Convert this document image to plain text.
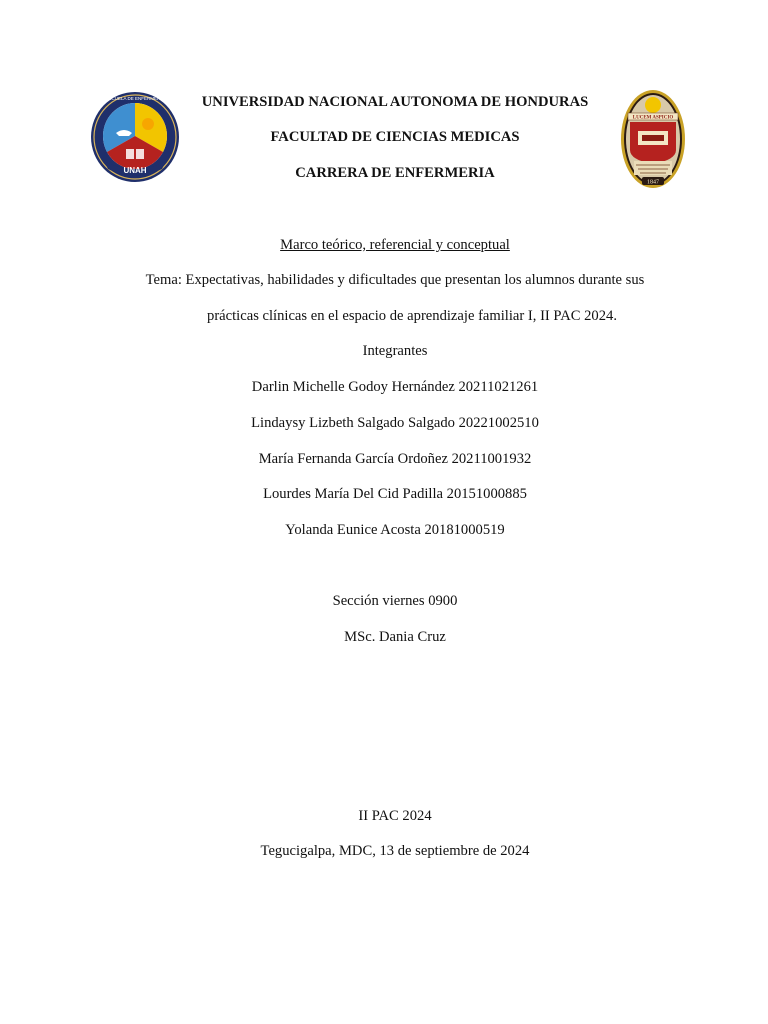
UNAH
ESCUELA DE ENFERMERIA
LUCEM ASPICIO
1847
UNIVERSIDAD NACIONAL AUTONOMA DE HONDURAS
FACULTAD DE CIENCIAS MEDICAS
CARRERA DE ENFERMERIA
Marco teórico, referencial y conceptual
Tema: Expectativas, habilidades y dificultades que presentan los alumnos durante sus
prácticas clínicas en el espacio de aprendizaje familiar I, II PAC 2024.
Integrantes
Darlin Michelle Godoy Hernández 20211021261
Lindaysy Lizbeth Salgado Salgado 20221002510
María Fernanda García Ordoñez 20211001932
Lourdes María Del Cid Padilla 20151000885
Yolanda Eunice Acosta 20181000519
Sección viernes 0900
MSc. Dania Cruz
II PAC 2024
Tegucigalpa, MDC, 13 de septiembre de 2024
